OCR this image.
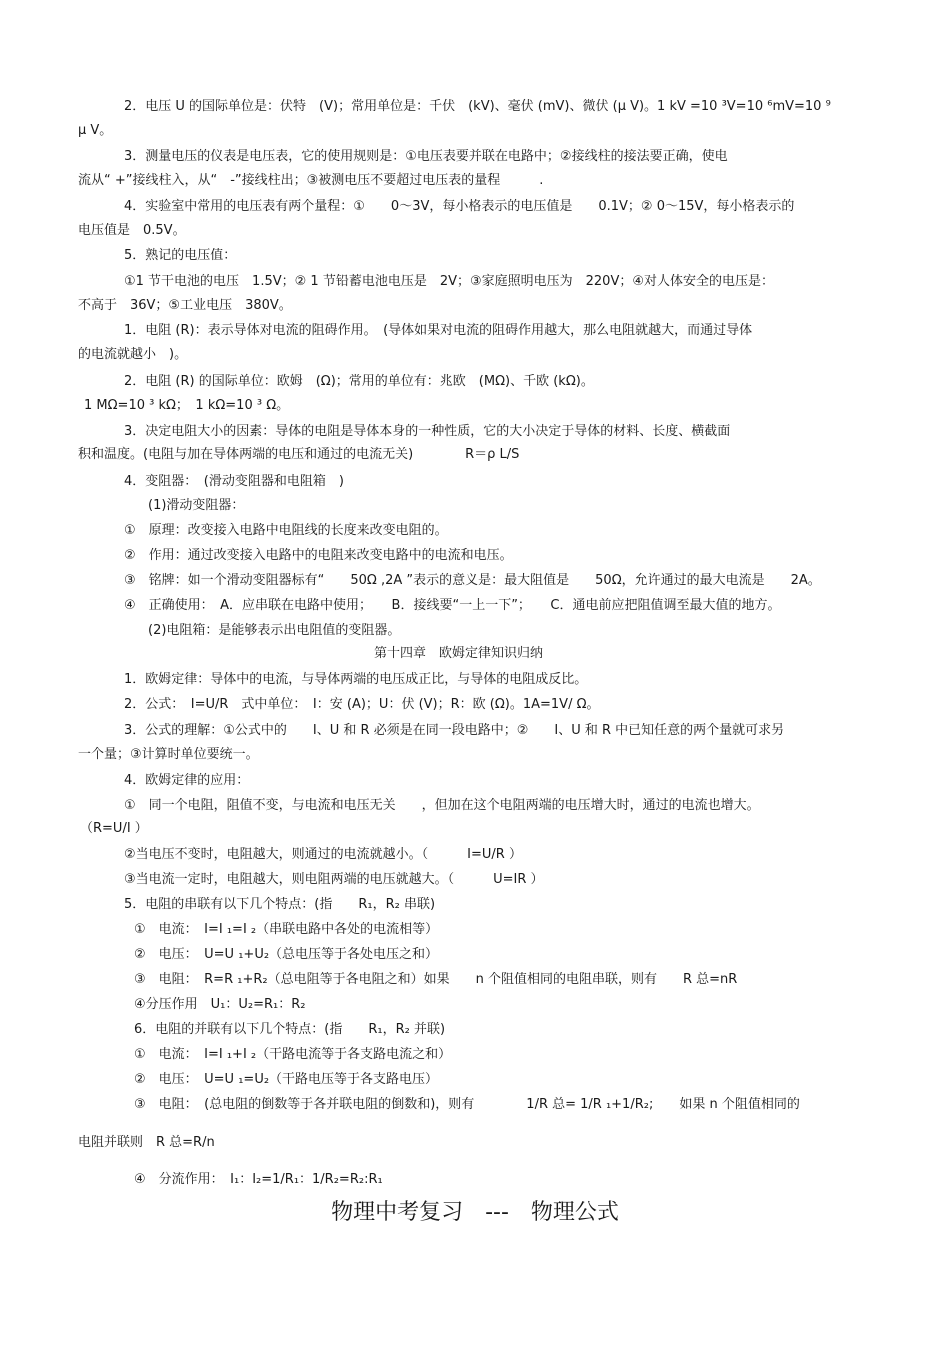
2．电压 U 的国际单位是：伏特　(V)；常用单位是：千伏　(kV)、毫伏 (mV)、微伏 (μ V)。1 kV =10 ³V=10 ⁶mV=10 ⁹
μ V。
3．测量电压的仪表是电压表，它的使用规则是：①电压表要并联在电路中；②接线柱的接法要正确，使电
流从“ +”接线柱入，从“　-”接线柱出；③被测电压不要超过电压表的量程　　　.
4．实验室中常用的电压表有两个量程：①　　0～3V，每小格表示的电压值是　　0.1V；② 0～15V，每小格表示的
电压值是　0.5V。
5．熟记的电压值：
①1 节干电池的电压　1.5V；② 1 节铅蓄电池电压是　2V；③家庭照明电压为　220V；④对人体安全的电压是：
不高于　36V；⑤工业电压　380V。
1．电阻 (R)：表示导体对电流的阻碍作用。　(导体如果对电流的阻碍作用越大，那么电阻就越大，而通过导体
的电流就越小　)。
2．电阻 (R) 的国际单位：欧姆　(Ω)；常用的单位有：兆欧　(MΩ)、千欧 (kΩ)。
1 MΩ=10 ³ kΩ；　1 kΩ=10 ³ Ω。
3．决定电阻大小的因素：导体的电阻是导体本身的一种性质，它的大小决定于导体的材料、长度、横截面
积和温度。(电阻与加在导体两端的电压和通过的电流无关)　　　　R＝ρ L/S
4．变阻器：　(滑动变阻器和电阻箱　)
(1)滑动变阻器：
①　原理：改变接入电路中电阻线的长度来改变电阻的。
②　作用：通过改变接入电路中的电阻来改变电路中的电流和电压。
③　铭牌：如一个滑动变阻器标有“　　50Ω ,2A ”表示的意义是：最大阻值是　　50Ω，允许通过的最大电流是　　2A。
④　正确使用：　A．应串联在电路中使用；　　B．接线要“一上一下”；　　C．通电前应把阻值调至最大值的地方。
(2)电阻箱：是能够表示出电阻值的变阻器。
第十四章　欧姆定律知识归纳
1．欧姆定律：导体中的电流，与导体两端的电压成正比，与导体的电阻成反比。
2．公式：　I=U/R　式中单位：　I：安 (A)；U：伏 (V)；R：欧 (Ω)。1A=1V/ Ω。
3．公式的理解：①公式中的　　I、U 和 R 必须是在同一段电路中；②　　I、U 和 R 中已知任意的两个量就可求另
一个量；③计算时单位要统一。
4．欧姆定律的应用：
①　同一个电阻，阻值不变，与电流和电压无关　　，但加在这个电阻两端的电压增大时，通过的电流也增大。
（R=U/I ）
②当电压不变时，电阻越大，则通过的电流就越小。（　　　I=U/R ）
③当电流一定时，电阻越大，则电阻两端的电压就越大。（　　　U=IR ）
5．电阻的串联有以下几个特点：(指　　R₁，R₂ 串联)
①　电流：　I=I ₁=I ₂（串联电路中各处的电流相等）
②　电压：　U=U ₁+U₂（总电压等于各处电压之和）
③　电阻：　R=R ₁+R₂（总电阻等于各电阻之和）如果　　n 个阻值相同的电阻串联，则有　　R 总=nR
④分压作用　U₁：U₂=R₁：R₂
6．电阻的并联有以下几个特点：(指　　R₁，R₂ 并联)
①　电流：　I=I ₁+I ₂（干路电流等于各支路电流之和）
②　电压：　U=U ₁=U₂（干路电压等于各支路电压）
③　电阻：　(总电阻的倒数等于各并联电阻的倒数和)，则有　　　　1/R 总= 1/R ₁+1/R₂;　　如果 n 个阻值相同的
电阻并联则　R 总=R/n
④　分流作用：　I₁：I₂=1/R₁：1/R₂=R₂:R₁
物理中考复习　---　物理公式
